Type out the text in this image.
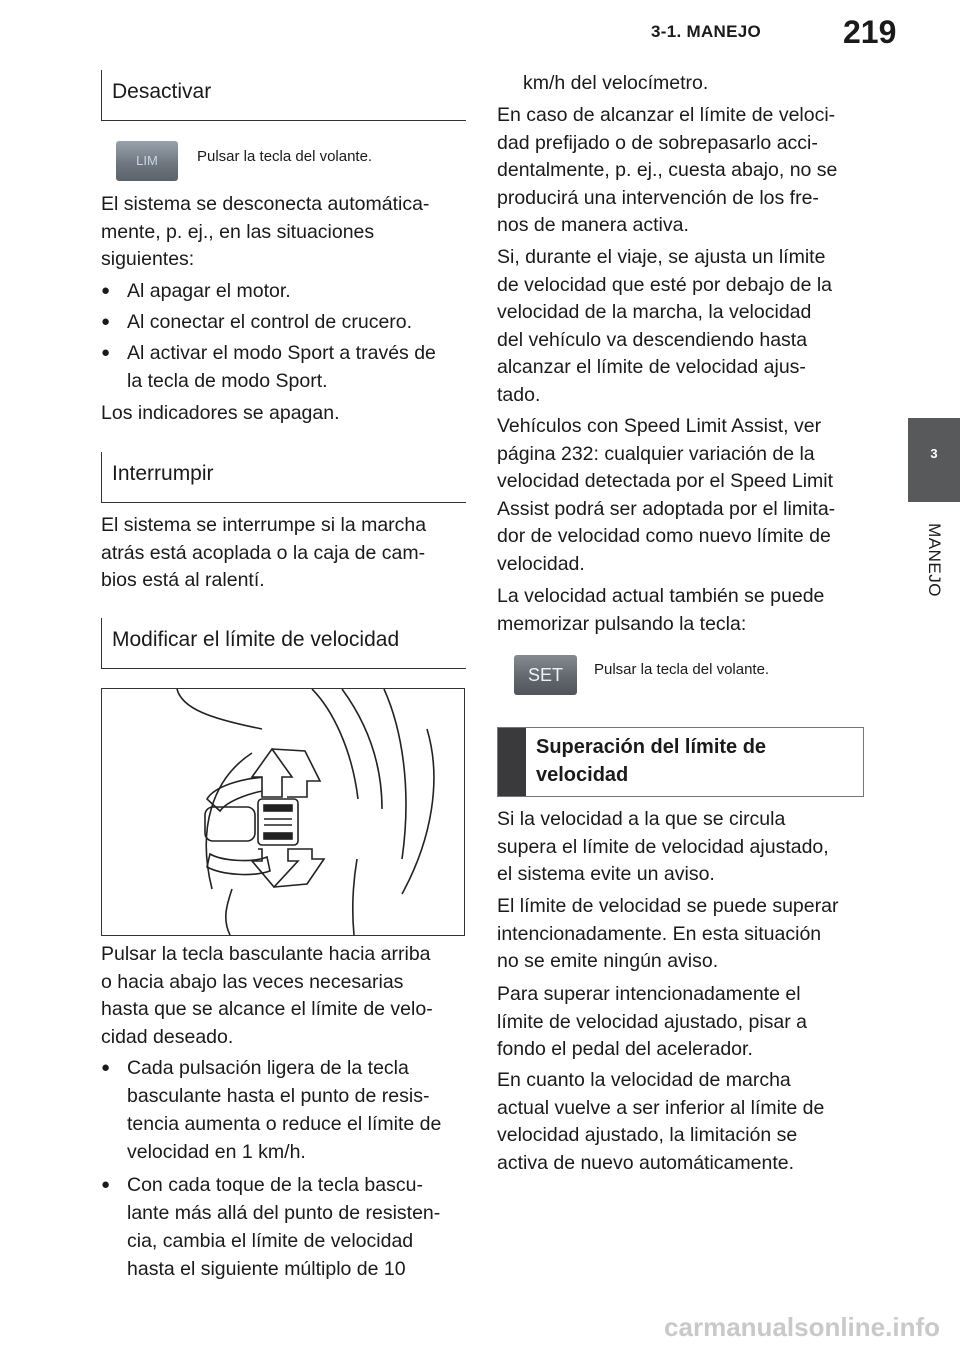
3-1. MANEJO	219
3
MANEJO
Desactivar
LIM	Pulsar la tecla del volante.

El sistema se desconecta automática-

mente, p. ej., en las situaciones

siguientes:

● Al apagar el motor.

● Al conectar el control de crucero.

● Al activar el modo Sport a través de

la tecla de modo Sport.

Los indicadores se apagan.

Interrumpir

El sistema se interrumpe si la marcha

atrás está acoplada o la caja de cam-

bios está al ralentí.

Modificar el límite de velocidad

Pulsar la tecla basculante hacia arriba

o hacia abajo las veces necesarias

hasta que se alcance el límite de velo-

cidad deseado.

● Cada pulsación ligera de la tecla

basculante hasta el punto de resis-

tencia aumenta o reduce el límite de

velocidad en 1 km/h.

● Con cada toque de la tecla bascu-

lante más allá del punto de resisten-

cia, cambia el límite de velocidad

hasta el siguiente múltiplo de 10

km/h del velocímetro.

En caso de alcanzar el límite de veloci-

dad prefijado o de sobrepasarlo acci-

dentalmente, p. ej., cuesta abajo, no se

producirá una intervención de los fre-

nos de manera activa.

Si, durante el viaje, se ajusta un límite

de velocidad que esté por debajo de la

velocidad de la marcha, la velocidad

del vehículo va descendiendo hasta

alcanzar el límite de velocidad ajus-

tado.

Vehículos con Speed Limit Assist, ver

página 232: cualquier variación de la

velocidad detectada por el Speed Limit

Assist podrá ser adoptada por el limita-

dor de velocidad como nuevo límite de

velocidad.

La velocidad actual también se puede

memorizar pulsando la tecla:

SET	Pulsar la tecla del volante.
Superación del límite de
velocidad

Si la velocidad a la que se circula

supera el límite de velocidad ajustado,

el sistema evite un aviso.

El límite de velocidad se puede superar

intencionadamente. En esta situación

no se emite ningún aviso.

Para superar intencionadamente el

límite de velocidad ajustado, pisar a

fondo el pedal del acelerador.

En cuanto la velocidad de marcha

actual vuelve a ser inferior al límite de

velocidad ajustado, la limitación se

activa de nuevo automáticamente.

carmanualsonline.info
